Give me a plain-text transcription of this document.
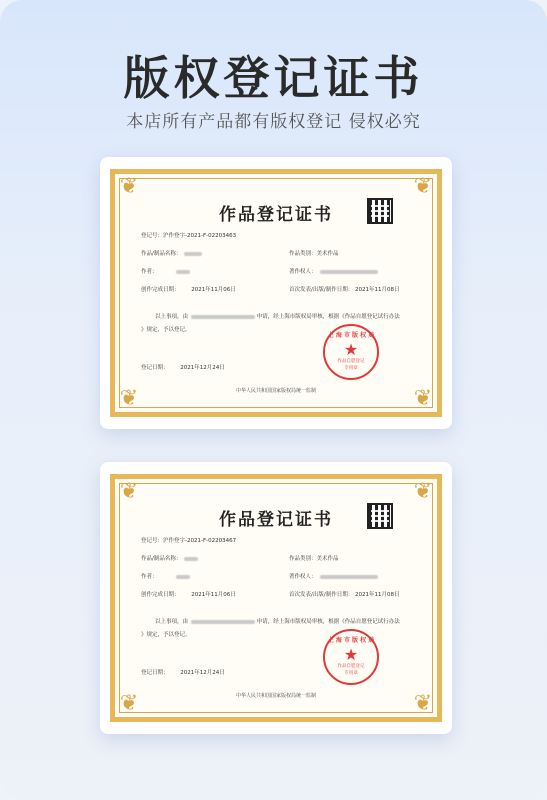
版权登记证书
本店所有产品都有版权登记 侵权必究
❦	❦
❦	❦
作品登记证书
登记号：沪作登字-2021-F-02203463
作品/制品名称：	作品类别：美术作品
作者：	著作权人：
创作完成日期： 2021年11月06日	首次发表/出版/制作日期： 2021年11月08日
以上事项，由	申请，经上海市版权局审核，根据《作品自愿登记试行办法
》规定，予以登记。
登记日期： 2021年12月24日
上 海 市 版 权 局
★
作品自愿登记
专用章
中华人民共和国国家版权局统一监制
❦	❦
❦	❦
作品登记证书
登记号：沪作登字-2021-F-02203467
作品/制品名称：	作品类别：美术作品
作者：	著作权人：
创作完成日期： 2021年11月06日	首次发表/出版/制作日期： 2021年11月08日
以上事项，由	申请，经上海市版权局审核，根据《作品自愿登记试行办法
》规定，予以登记。
登记日期： 2021年12月24日
上 海 市 版 权 局
★
作品自愿登记
专用章
中华人民共和国国家版权局统一监制
